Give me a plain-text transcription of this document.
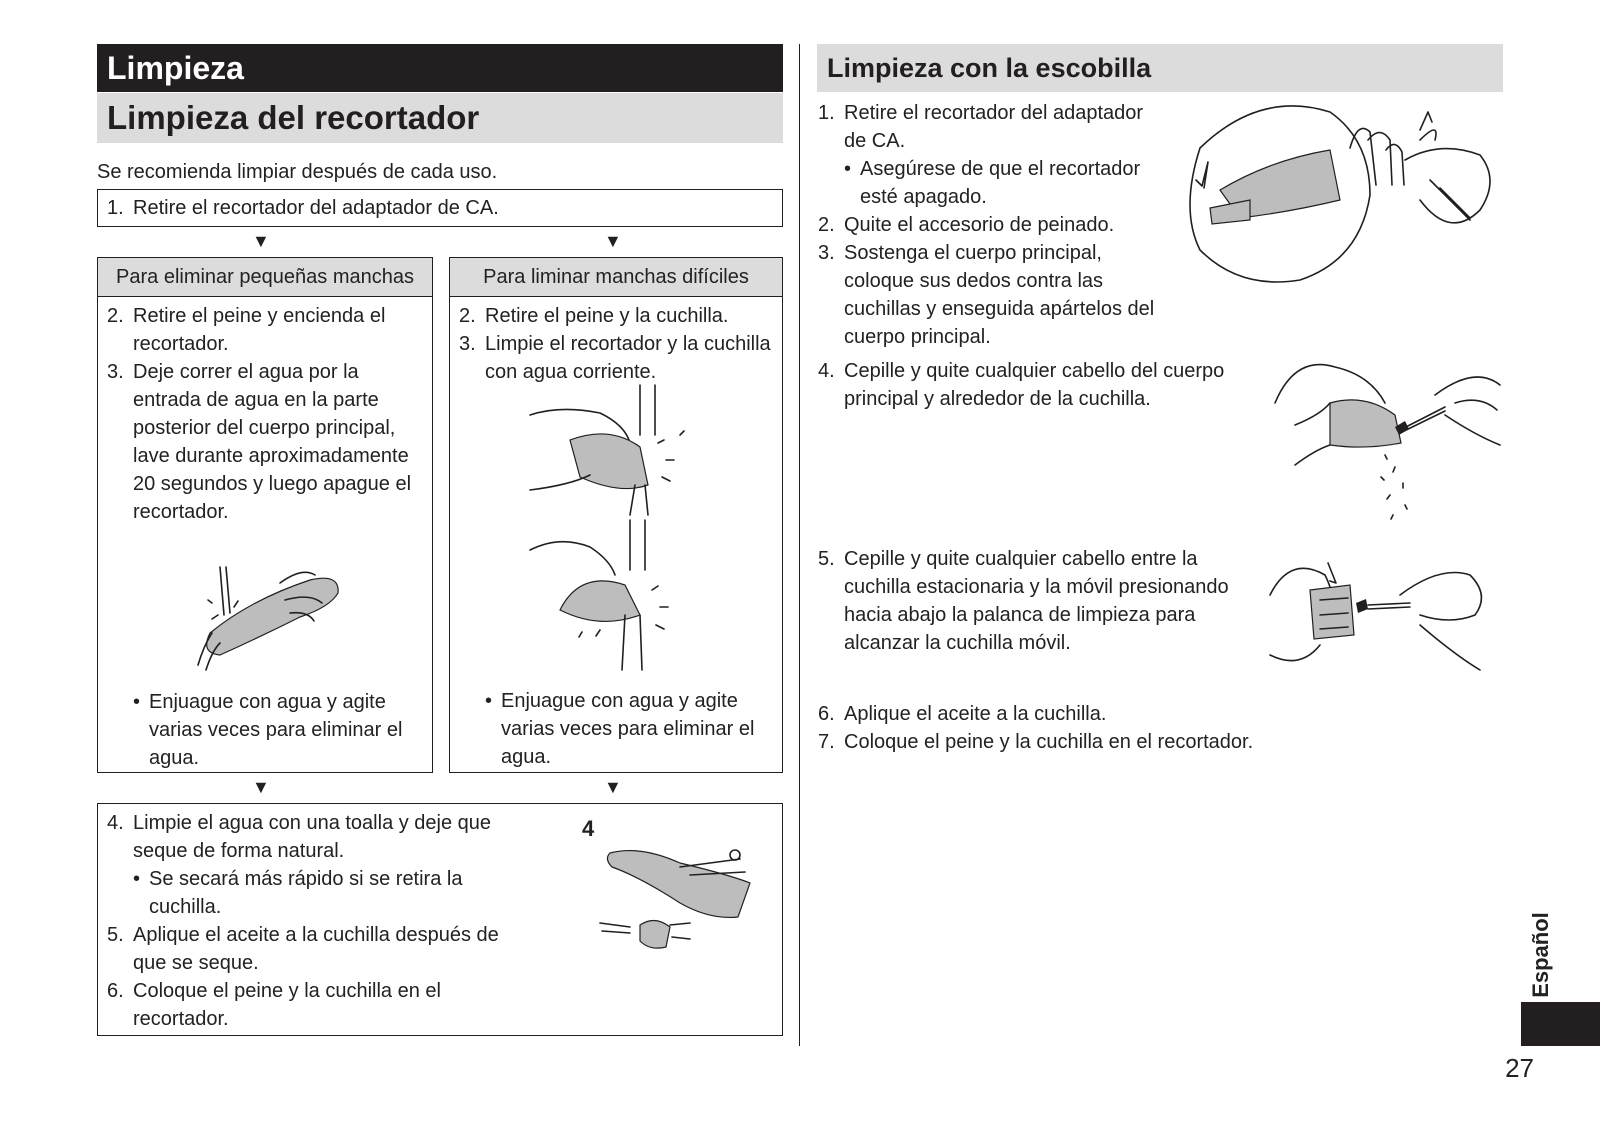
Limpieza
Limpieza del recortador
Se recomienda limpiar después de cada uso.
1. Retire el recortador del adaptador de CA.
▼	▼
Para eliminar pequeñas manchas
2. Retire el peine y encienda el recortador.
3. Deje correr el agua por la entrada de agua en la parte posterior del cuerpo principal, lave durante aproximadamente 20 segundos y luego apague el recortador.
• Enjuague con agua y agite varias veces para eliminar el agua.
Para liminar manchas difíciles
2. Retire el peine y la cuchilla.
3. Limpie el recortador y la cuchilla con agua corriente.
• Enjuague con agua y agite varias veces para eliminar el agua.
▼	▼
4. Limpie el agua con una toalla y deje que seque de forma natural.
• Se secará más rápido si se retira la cuchilla.
5. Aplique el aceite a la cuchilla después de que se seque.
6. Coloque el peine y la cuchilla en el recortador.
4
Limpieza con la escobilla
1. Retire el recortador del adaptador de CA.
• Asegúrese de que el recortador esté apagado.
2. Quite el accesorio de peinado.
3. Sostenga el cuerpo principal, coloque sus dedos contra las cuchillas y enseguida apártelos del cuerpo principal.
4. Cepille y quite cualquier cabello del cuerpo principal y alrededor de la cuchilla.
5. Cepille y quite cualquier cabello entre la cuchilla estacionaria y la móvil presionando hacia abajo la palanca de limpieza para alcanzar la cuchilla móvil.
6. Aplique el aceite a la cuchilla.
7. Coloque el peine y la cuchilla en el recortador.
Español
27
